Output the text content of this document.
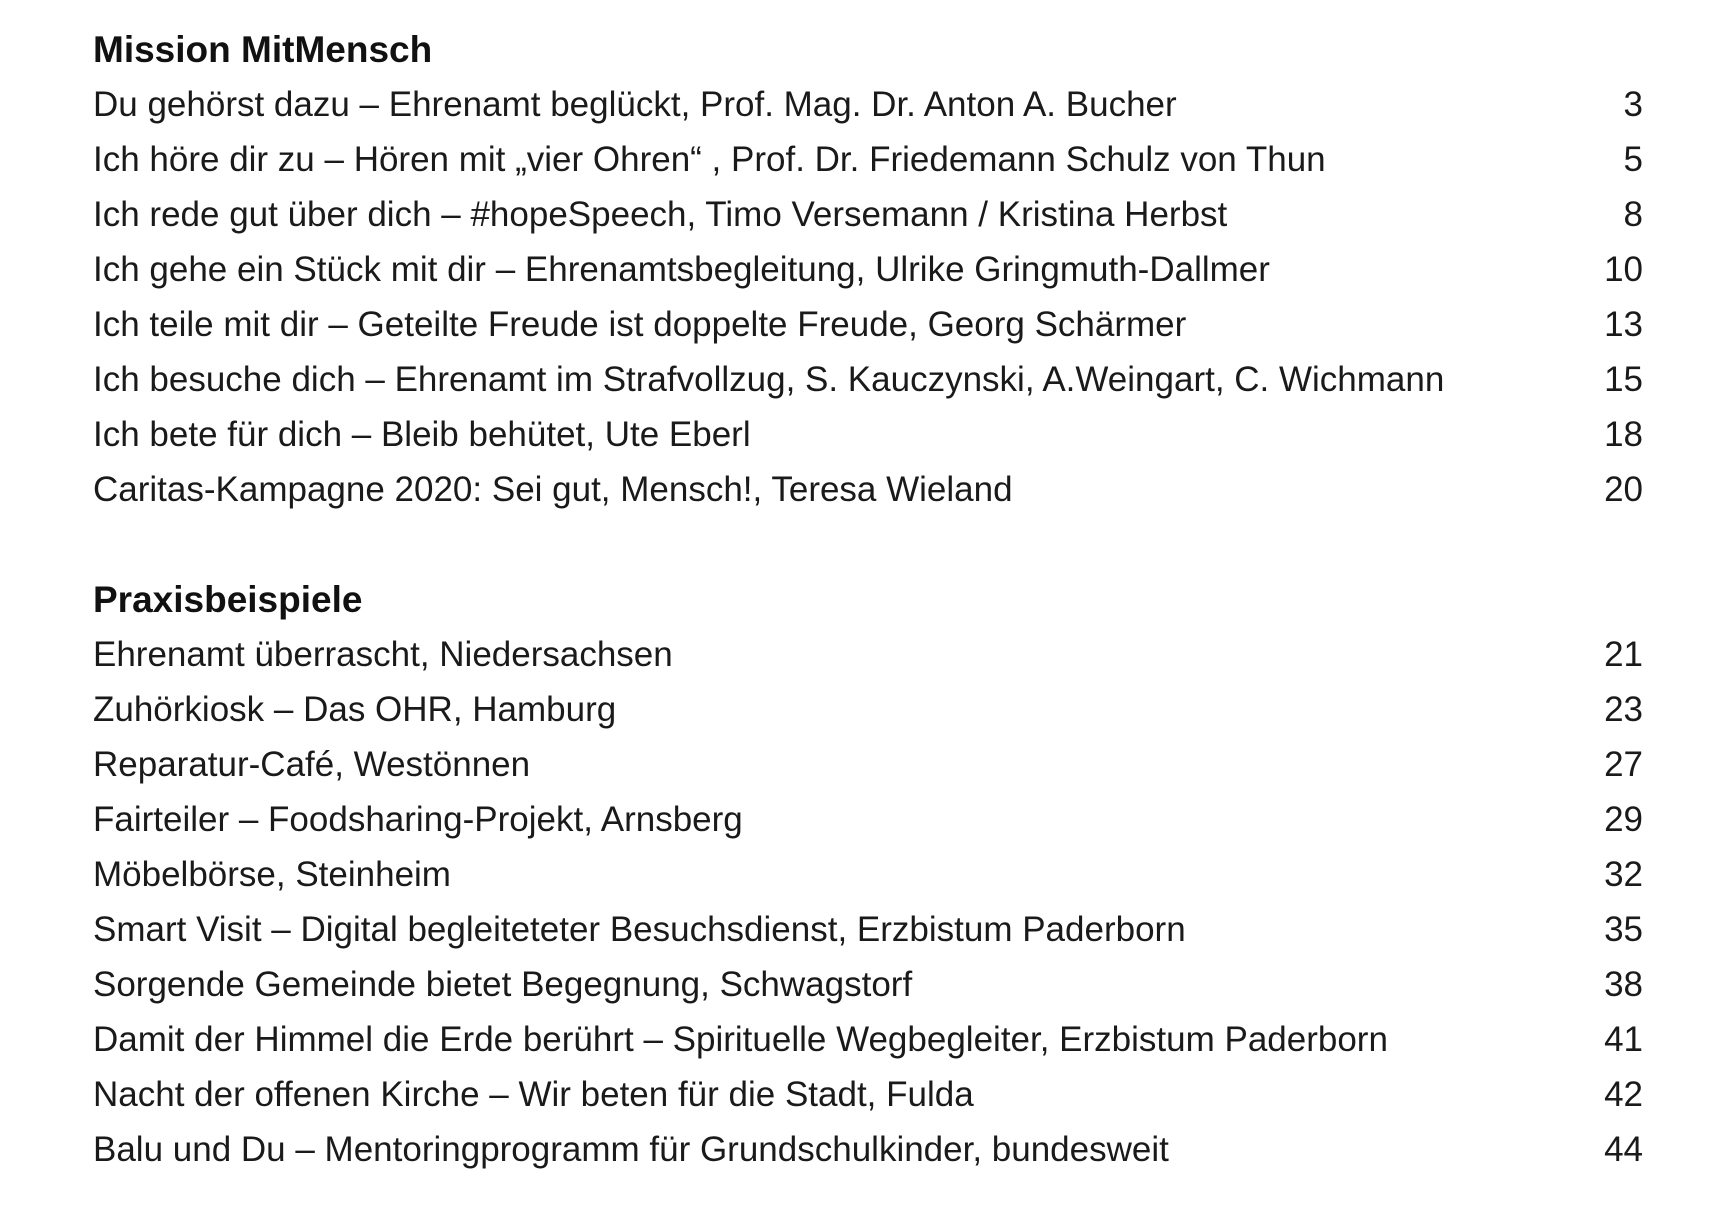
Mission MitMensch
Du gehörst dazu – Ehrenamt beglückt, Prof. Mag. Dr. Anton A. Bucher	3
Ich höre dir zu – Hören mit „vier Ohren“ , Prof. Dr. Friedemann Schulz von Thun	5
Ich rede gut über dich – #hopeSpeech, Timo Versemann / Kristina Herbst	8
Ich gehe ein Stück mit dir – Ehrenamtsbegleitung, Ulrike Gringmuth-Dallmer	10
Ich teile mit dir – Geteilte Freude ist doppelte Freude, Georg Schärmer	13
Ich besuche dich – Ehrenamt im Strafvollzug, S. Kauczynski, A.Weingart, C. Wichmann	15
Ich bete für dich – Bleib behütet, Ute Eberl	18
Caritas-Kampagne 2020: Sei gut, Mensch!, Teresa Wieland	20
Praxisbeispiele
Ehrenamt überrascht, Niedersachsen	21
Zuhörkiosk – Das OHR, Hamburg	23
Reparatur-Café, Westönnen	27
Fairteiler – Foodsharing-Projekt, Arnsberg	29
Möbelbörse, Steinheim	32
Smart Visit – Digital begleiteteter Besuchsdienst, Erzbistum Paderborn	35
Sorgende Gemeinde bietet Begegnung, Schwagstorf	38
Damit der Himmel die Erde berührt – Spirituelle Wegbegleiter, Erzbistum Paderborn	41
Nacht der offenen Kirche – Wir beten für die Stadt, Fulda	42
Balu und Du – Mentoringprogramm für Grundschulkinder, bundesweit	44
